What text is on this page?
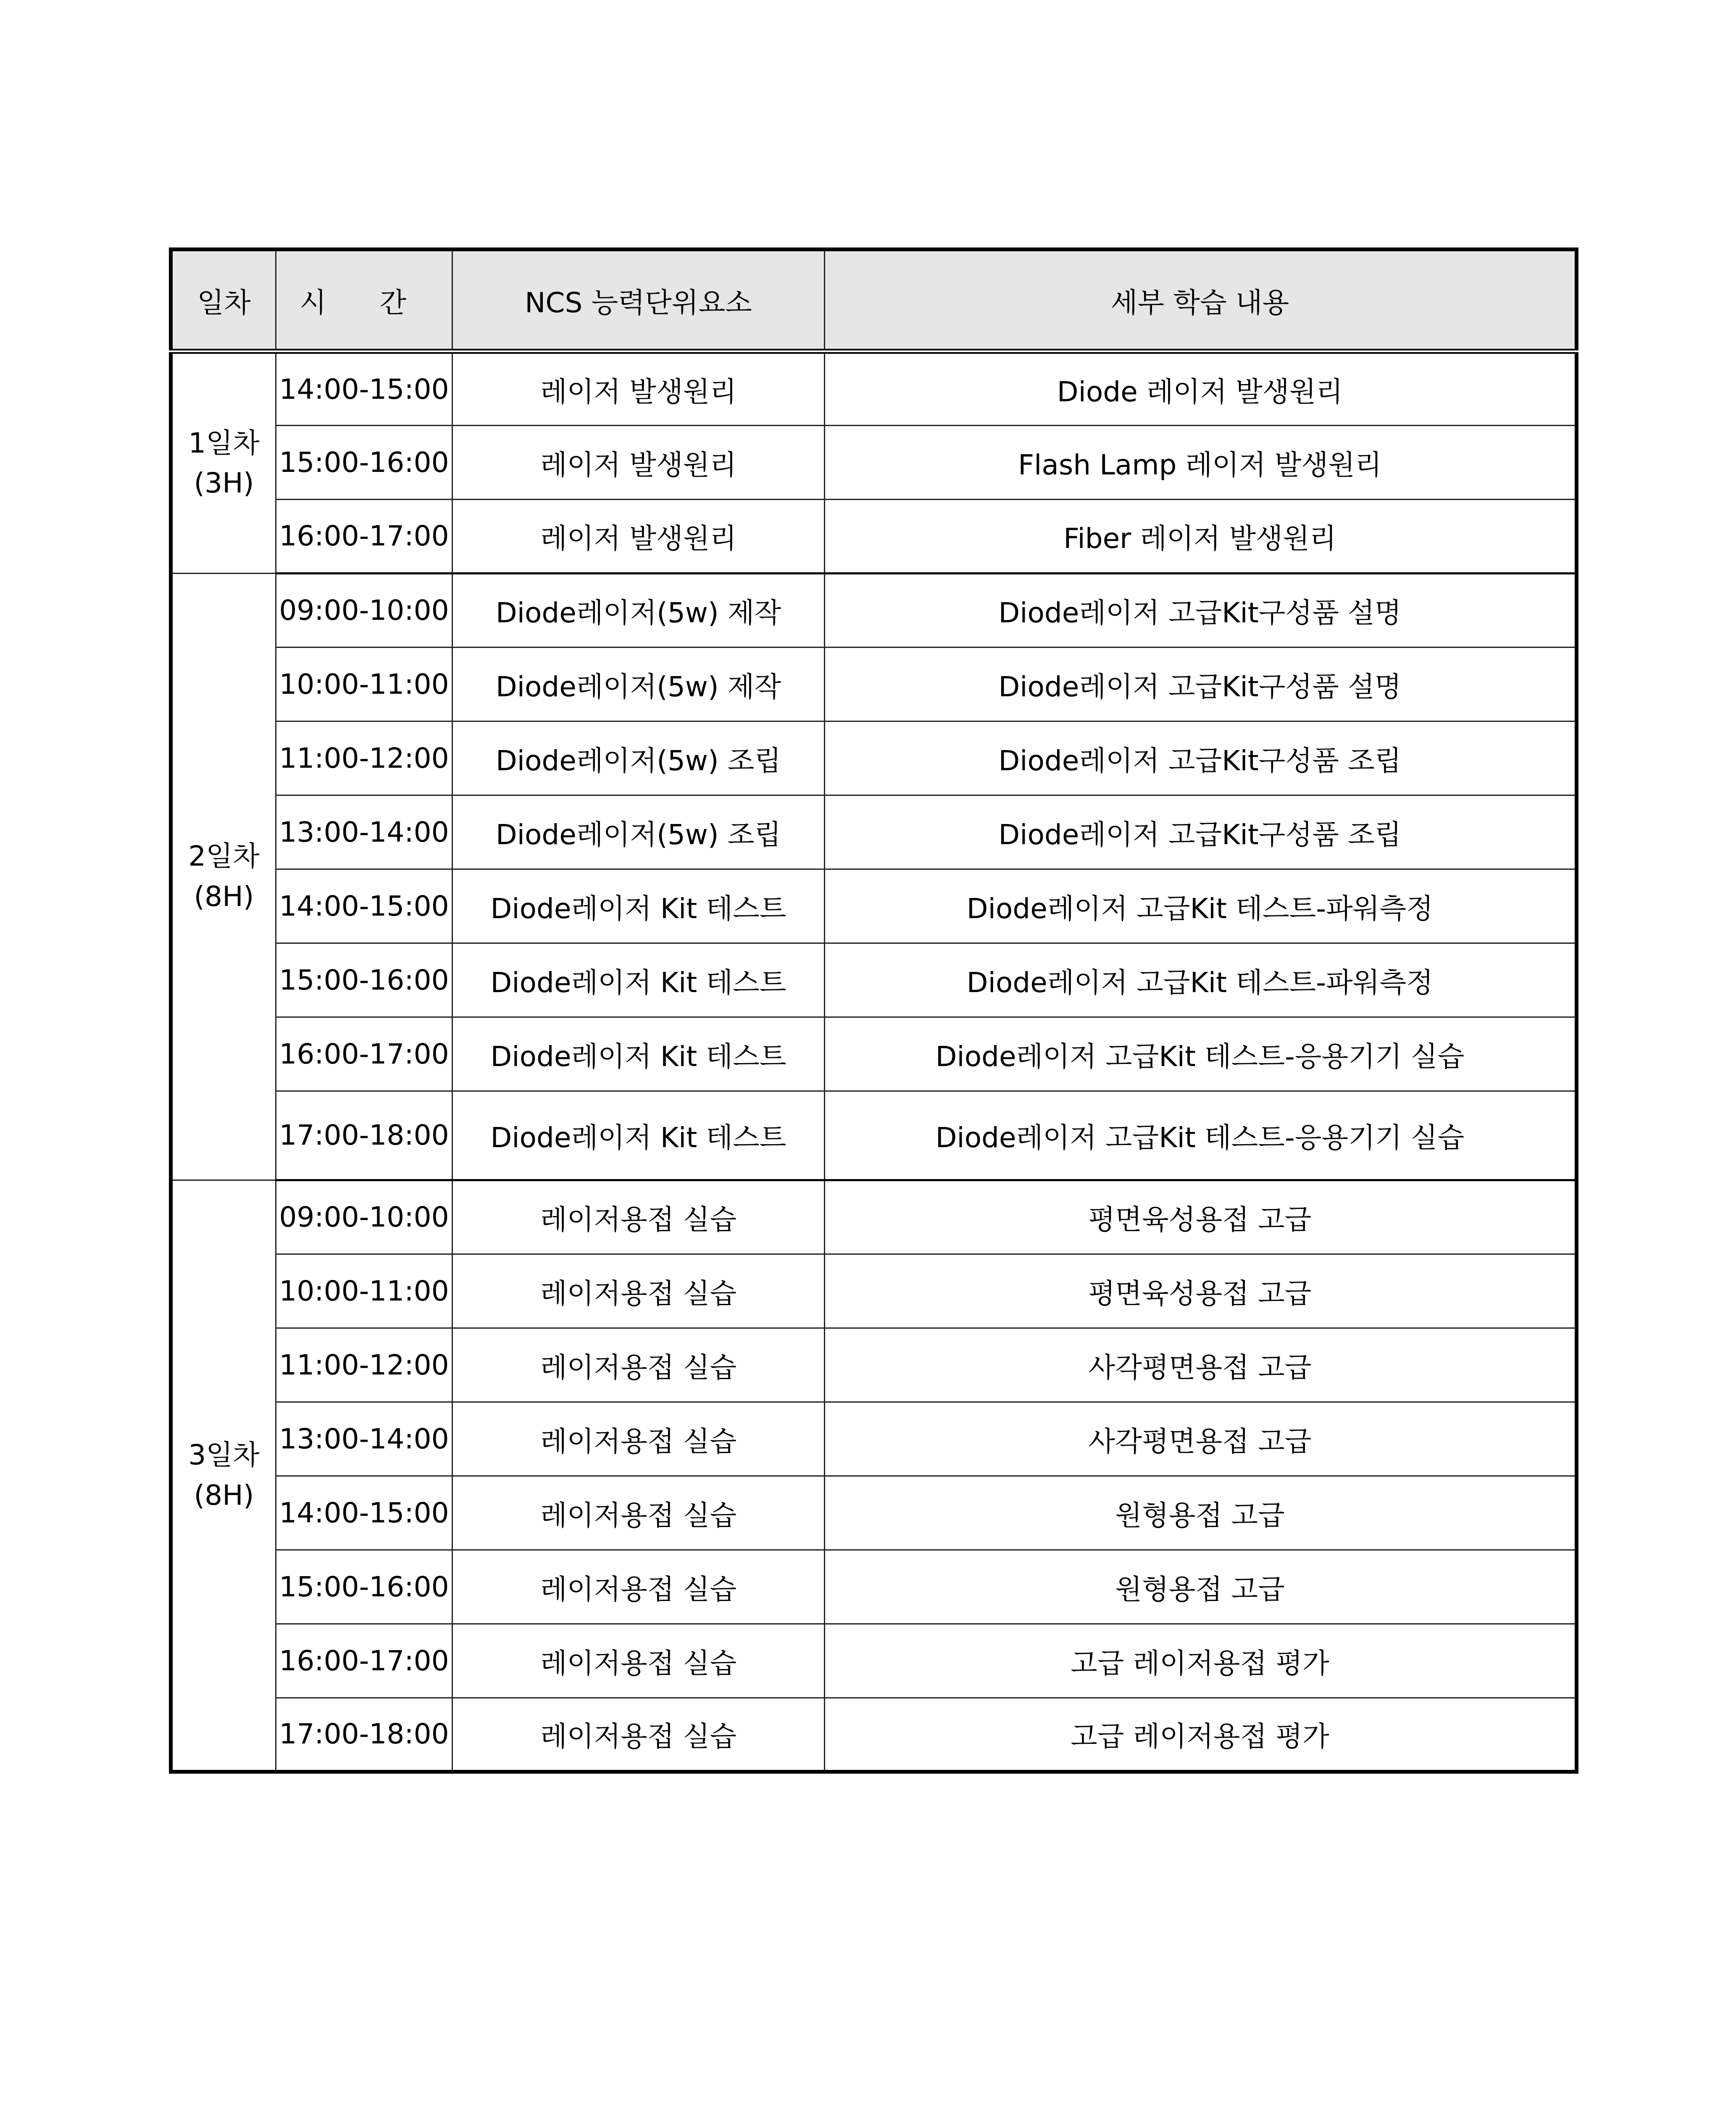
일차	시 간	NCS 능력단위요소	세부 학습 내용

1일차
(3H)	14:00-15:00	레이저 발생원리	Diode 레이저 발생원리
	15:00-16:00	레이저 발생원리	Flash Lamp 레이저 발생원리
	16:00-17:00	레이저 발생원리	Fiber 레이저 발생원리

2일차
(8H)	09:00-10:00	Diode레이저(5w) 제작	Diode레이저 고급Kit구성품 설명
	10:00-11:00	Diode레이저(5w) 제작	Diode레이저 고급Kit구성품 설명
	11:00-12:00	Diode레이저(5w) 조립	Diode레이저 고급Kit구성품 조립
	13:00-14:00	Diode레이저(5w) 조립	Diode레이저 고급Kit구성품 조립
	14:00-15:00	Diode레이저 Kit 테스트	Diode레이저 고급Kit 테스트-파워측정
	15:00-16:00	Diode레이저 Kit 테스트	Diode레이저 고급Kit 테스트-파워측정
	16:00-17:00	Diode레이저 Kit 테스트	Diode레이저 고급Kit 테스트-응용기기 실습
	17:00-18:00	Diode레이저 Kit 테스트	Diode레이저 고급Kit 테스트-응용기기 실습

3일차
(8H)	09:00-10:00	레이저용접 실습	평면육성용접 고급
	10:00-11:00	레이저용접 실습	평면육성용접 고급
	11:00-12:00	레이저용접 실습	사각평면용접 고급
	13:00-14:00	레이저용접 실습	사각평면용접 고급
	14:00-15:00	레이저용접 실습	원형용접 고급
	15:00-16:00	레이저용접 실습	원형용접 고급
	16:00-17:00	레이저용접 실습	고급 레이저용접 평가
	17:00-18:00	레이저용접 실습	고급 레이저용접 평가
